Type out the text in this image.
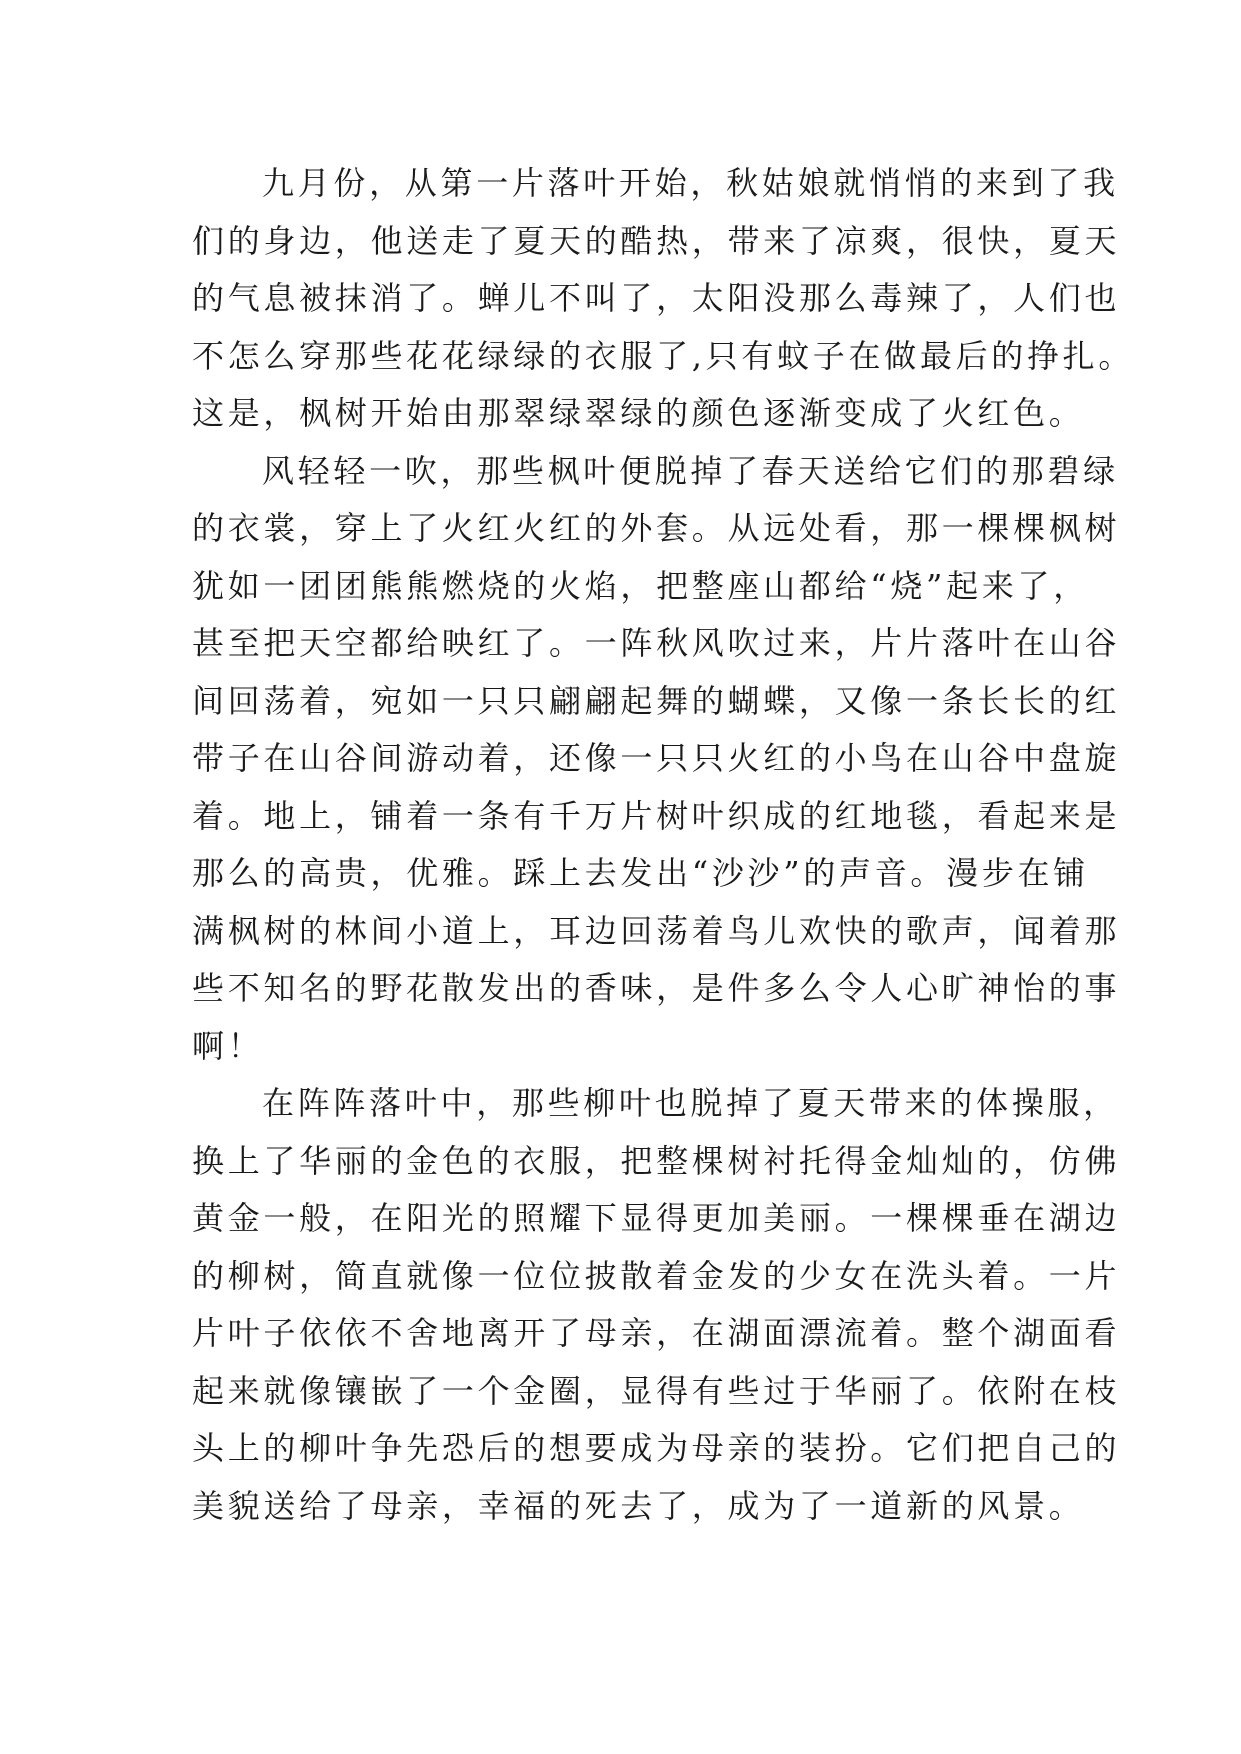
九月份，从第一片落叶开始，秋姑娘就悄悄的来到了我
们的身边，他送走了夏天的酷热，带来了凉爽，很快，夏天
的气息被抹消了。蝉儿不叫了，太阳没那么毒辣了，人们也
不怎么穿那些花花绿绿的衣服了,只有蚊子在做最后的挣扎。
这是，枫树开始由那翠绿翠绿的颜色逐渐变成了火红色。
风轻轻一吹，那些枫叶便脱掉了春天送给它们的那碧绿
的衣裳，穿上了火红火红的外套。从远处看，那一棵棵枫树
犹如一团团熊熊燃烧的火焰，把整座山都给“烧”起来了，
甚至把天空都给映红了。一阵秋风吹过来，片片落叶在山谷
间回荡着，宛如一只只翩翩起舞的蝴蝶，又像一条长长的红
带子在山谷间游动着，还像一只只火红的小鸟在山谷中盘旋
着。地上，铺着一条有千万片树叶织成的红地毯，看起来是
那么的高贵，优雅。踩上去发出“沙沙”的声音。漫步在铺
满枫树的林间小道上，耳边回荡着鸟儿欢快的歌声，闻着那
些不知名的野花散发出的香味，是件多么令人心旷神怡的事
啊！
在阵阵落叶中，那些柳叶也脱掉了夏天带来的体操服，
换上了华丽的金色的衣服，把整棵树衬托得金灿灿的，仿佛
黄金一般，在阳光的照耀下显得更加美丽。一棵棵垂在湖边
的柳树，简直就像一位位披散着金发的少女在洗头着。一片
片叶子依依不舍地离开了母亲，在湖面漂流着。整个湖面看
起来就像镶嵌了一个金圈，显得有些过于华丽了。依附在枝
头上的柳叶争先恐后的想要成为母亲的装扮。它们把自己的
美貌送给了母亲，幸福的死去了，成为了一道新的风景。
